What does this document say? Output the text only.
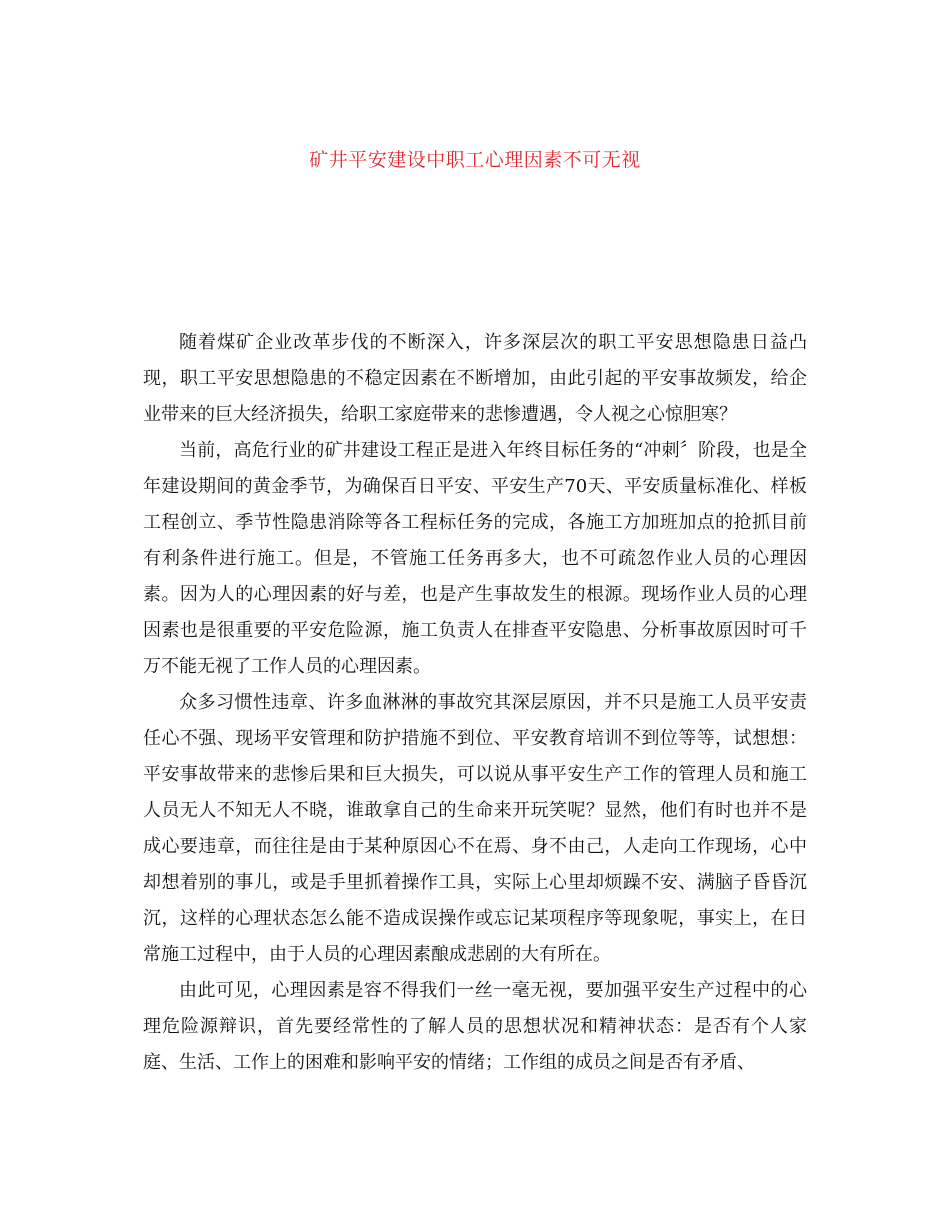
矿井平安建设中职工心理因素不可无视

随着煤矿企业改革步伐的不断深入，许多深层次的职工平安思想隐患日益凸现，职工平安思想隐患的不稳定因素在不断增加，由此引起的平安事故频发，给企业带来的巨大经济损失，给职工家庭带来的悲惨遭遇，令人视之心惊胆寒？

当前，高危行业的矿井建设工程正是进入年终目标任务的“冲刺〞阶段，也是全年建设期间的黄金季节，为确保百日平安、平安生产70天、平安质量标准化、样板工程创立、季节性隐患消除等各工程标任务的完成，各施工方加班加点的抢抓目前有利条件进行施工。但是，不管施工任务再多大，也不可疏忽作业人员的心理因素。因为人的心理因素的好与差，也是产生事故发生的根源。现场作业人员的心理因素也是很重要的平安危险源，施工负责人在排查平安隐患、分析事故原因时可千万不能无视了工作人员的心理因素。

众多习惯性违章、许多血淋淋的事故究其深层原因，并不只是施工人员平安责任心不强、现场平安管理和防护措施不到位、平安教育培训不到位等等，试想想：平安事故带来的悲惨后果和巨大损失，可以说从事平安生产工作的管理人员和施工人员无人不知无人不晓，谁敢拿自己的生命来开玩笑呢？显然，他们有时也并不是成心要违章，而往往是由于某种原因心不在焉、身不由己，人走向工作现场，心中却想着别的事儿，或是手里抓着操作工具，实际上心里却烦躁不安、满脑子昏昏沉沉，这样的心理状态怎么能不造成误操作或忘记某项程序等现象呢，事实上，在日常施工过程中，由于人员的心理因素酿成悲剧的大有所在。

由此可见，心理因素是容不得我们一丝一毫无视，要加强平安生产过程中的心理危险源辩识，首先要经常性的了解人员的思想状况和精神状态：是否有个人家庭、生活、工作上的困难和影响平安的情绪；工作组的成员之间是否有矛盾、
